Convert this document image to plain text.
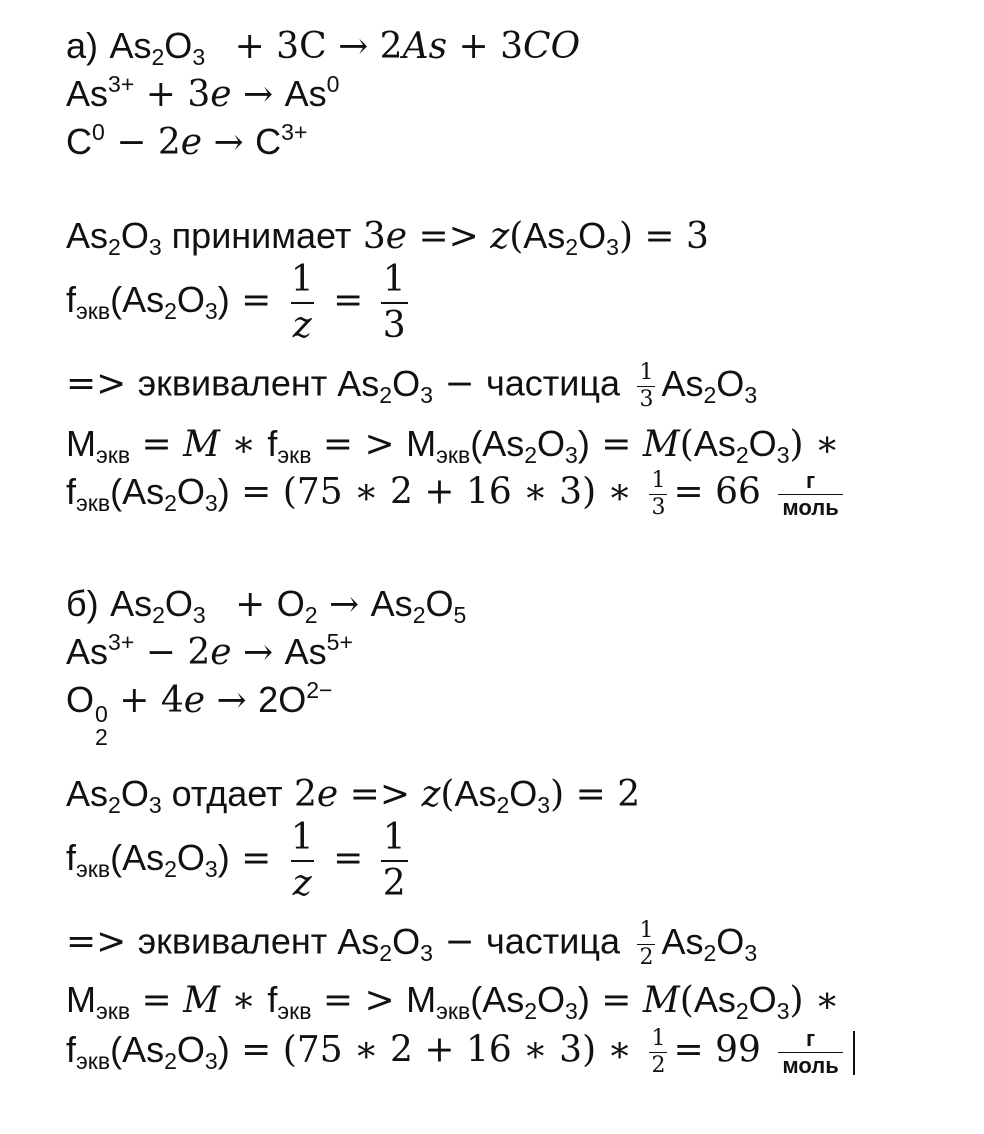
а) $As_2O_3 + 3C \to 2As + 3CO$
$As^{3+} + 3e \to As^0$
$C^0 - 2e \to C^{3+}$
$As_2O_3$ принимает $3e => z(As_2O_3) = 3$
$f_{экв}(As_2O_3) = \frac{1}{z} = \frac{1}{3}$
=> эквивалент $As_2O_3$ − частица $\frac{1}{3} As_2O_3$
$M_{экв} = M$ ∗ $f_{экв}$ = > $M_{экв}(As_2O_3) = M(As_2O_3)$ ∗
$f_{экв}(As_2O_3) = (75$ ∗ 2 + 16 ∗ 3) ∗ $\frac{1}{3} = 66 \frac{г}{\text{моль}}$
б) $As_2O_3 + O_2 \to As_2O_5$
$As^{3+} - 2e \to As^{5+}$
O 0
2
+ $4e \to 2O^{2-}$
$As_2O_3$ отдает $2e => z(As_2O_3) = 2$
$f_{экв}(As_2O_3) = \frac{1}{z} = \frac{1}{2}$
=> эквивалент $As_2O_3$ − частица $\frac{1}{2} As_2O_3$
$M_{экв} = M$ ∗ $f_{экв}$ = > $M_{экв}(As_2O_3) = M(As_2O_3)$ ∗
$f_{экв}(As_2O_3) = (75$ ∗ 2 + 16 ∗ 3) ∗ $\frac{1}{2} = 99 \frac{г}{\text{моль}}$
